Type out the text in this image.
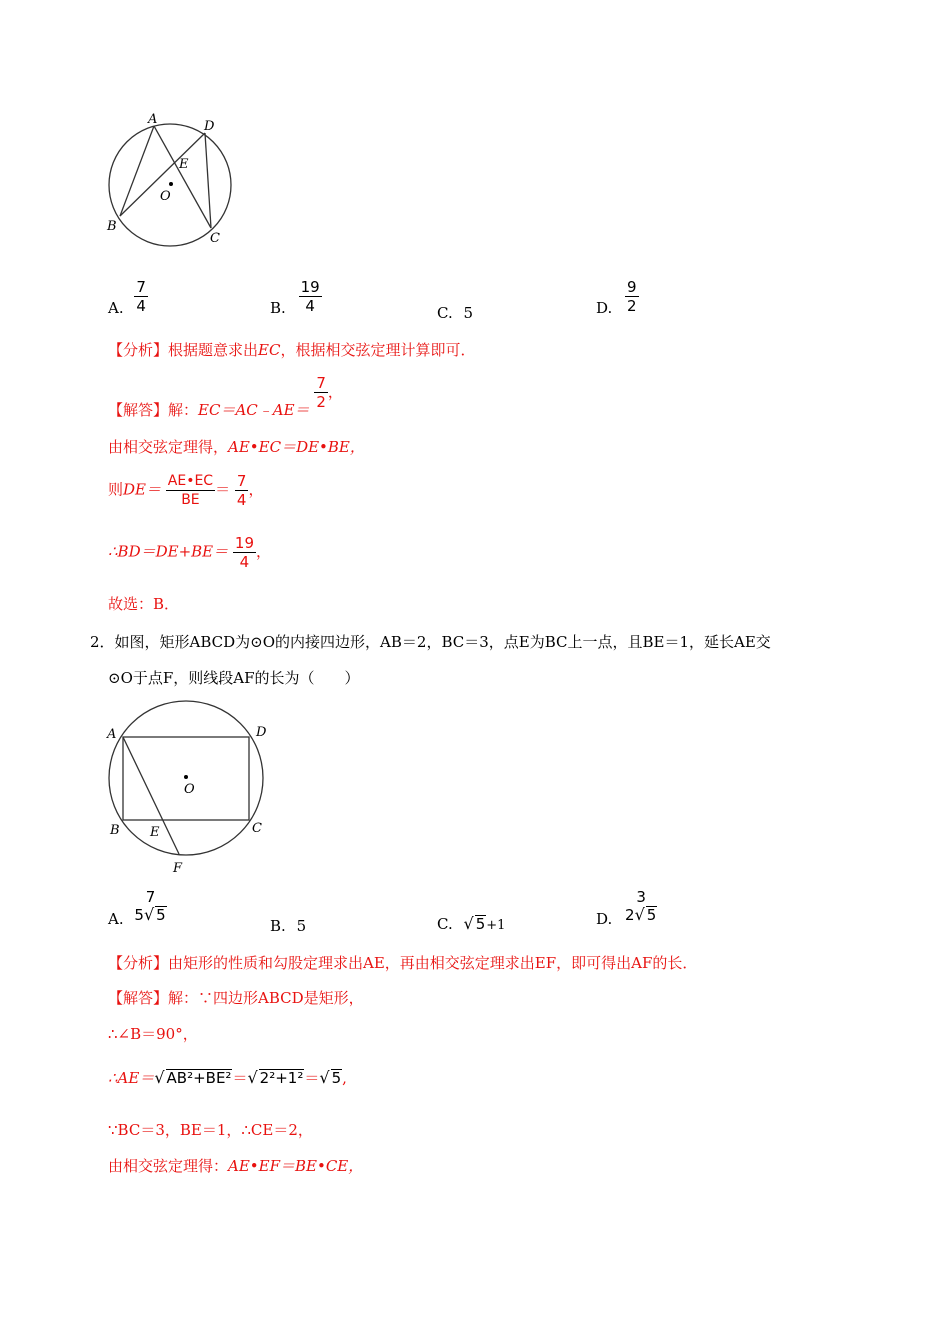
A
B
C
D
E
O
A. $\frac{7}{4}$	B. $\frac{19}{4}$	C. 5	D. $\frac{9}{2}$
【分析】根据题意求出EC，根据相交弦定理计算即可．
【解答】解：EC＝AC﹣AE＝ $\frac{7}{2}$ ，
由相交弦定理得，AE•EC＝DE•BE，
则$DE= \frac{AE•EC}{BE} = \frac{7}{4}$ ，
∴BD＝DE+BE＝ $\frac{19}{4}$ ，
故选：B．
2．如图，矩形ABCD为⊙O的内接四边形，AB＝2，BC＝3，点E为BC上一点，且BE＝1，延长AE交
⊙O于点F，则线段AF的长为（　　）
A
B	C
D
E
F
O
A.
7
5√ 5
B. 5	C. √ 5+1	D.
3
2√ 5
【分析】由矩形的性质和勾股定理求出AE，再由相交弦定理求出EF，即可得出AF的长．
【解答】解：∵四边形ABCD是矩形，
∴∠B＝90°，
∴AE＝√ AB²+BE²＝√ 2²+1²＝√ 5,
∵BC＝3，BE＝1，∴CE＝2，
由相交弦定理得：AE•EF＝BE•CE，
